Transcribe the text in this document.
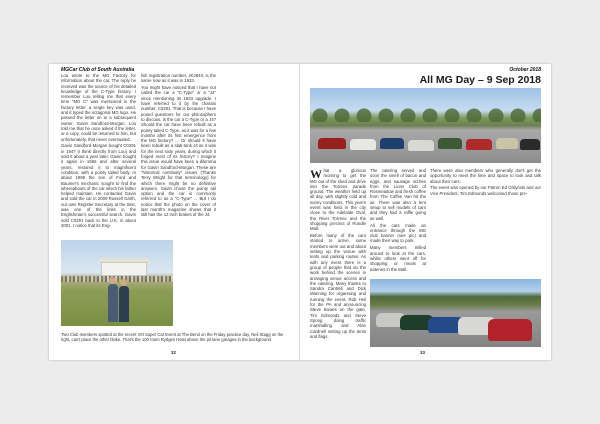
MGCar Club of South Australia

Lou wrote to the MG Factory for information about the car. The reply he received was the source of his detailed knowledge of the C-Type history. I remember Lou telling me that every time "MG C" was mentioned in the factory letter, a single key was used, and it typed the octagonal MG logo. He passed the letter on to a subsequent owner, Gavin Sandford-Morgan. Lou told me that he once asked if the letter, or a copy, could be returned to him, but unfortunately, that never eventuated.

Gavin Sandford-Morgan bought C0291 in 1947 (I think directly from Lou) and sold it about a year later. Gavin bought it again in 1965 and after several years, restored it to magnificent condition, with a pointy tailed body. In about 1999 the son of Ford and Baumer's mechanic sought to find the whereabouts of the car which his father helped maintain. He contacted Gavin and sold the car in 2000 Russell Garth, our own Register Secretary at the time, was one of the links in the Englishman's successful search. Gavin sold C0291 back to the U.K. in about 2001. I notice that its Eng-

lish registration number, JK2840, is the same now as it was in 1933.

You might have noticed that I have not called the car a "C-Type" or a "J4" since mentioning its 1933 upgrade. I have referred to it by the chassis number, C0291. That is because I have posed questions for our philosophers to discuss. Is the car a C-Type or a J4? Should the car have been rebuilt as a pointy tailed C-Type, as it was for a few months after its first emergence from the MG factory? ... Or should it have been rebuilt as a slab-tank J4 as it was for the next sixty years, during which it forged most of its history? I imagine this issue would have been a dilemma for Gavin Sandford-Morgan. These are "historical continuity" issues (Thanks Terry Wright for that terminology) for which there might be no definitive answers. Gavin chose the pointy tail option and the car is commonly referred to as a "C-Type" ... But I do notice that the photo on the cover of last month's magazine shows that it still has the 12 inch brakes of the J4.

Two Club members spotted at the recent VIII Super Car Event at The Bend on the Friday practice day, Neil Stagg on the right, can't place the other bloke. That's the 100 room Rydges Hotel above the pit lane garages in the background
32
October 2018
All MG Day – 9 Sep 2018

What a glorious morning to get the MG out of the shed and drive into the Torrens parade ground. The weather held up all day, with slightly cold and sunny conditions. This year's event was held in the city close to the Adelaide Oval, the River Torrens and the shopping precinct of Rundle Mall.

Before many of the cars started to arrive, some members were out and about setting up the venue with tents and parking routes. As with any event there is a group of people that do the work behind the scenes in arranging venue access and the catering. Many thanks to Sandra Cantrell and Dick Manning for organising and running the event, Rob Heil for the PA and announcing Steve Bowes on the gate, Tim Edmonds and Steve Spong doing traffic marshalling and Alan Cardnell setting up the tents and flags.

The catering served and soon the smell of bacon and eggs, and sausage sizzles from the Lions Club of Rosmeadow and fresh coffee from The Coffee Van hit the air. There was also a tent setup to sell models of cars and they had a raffle going as well.

All the cars made an entrance through the MG club banner (see pic) and made their way to park.

Many members milled around to look at the cars, whilst others went off for shopping or meals at eateries in the Mall.

There were also members who generally don't get the opportunity to meet the time and space to look and talk about their cars.

The event was opened by our Patron Ed Ordynski and our Vice President, Tim Edmonds welcomed those pre-

33
